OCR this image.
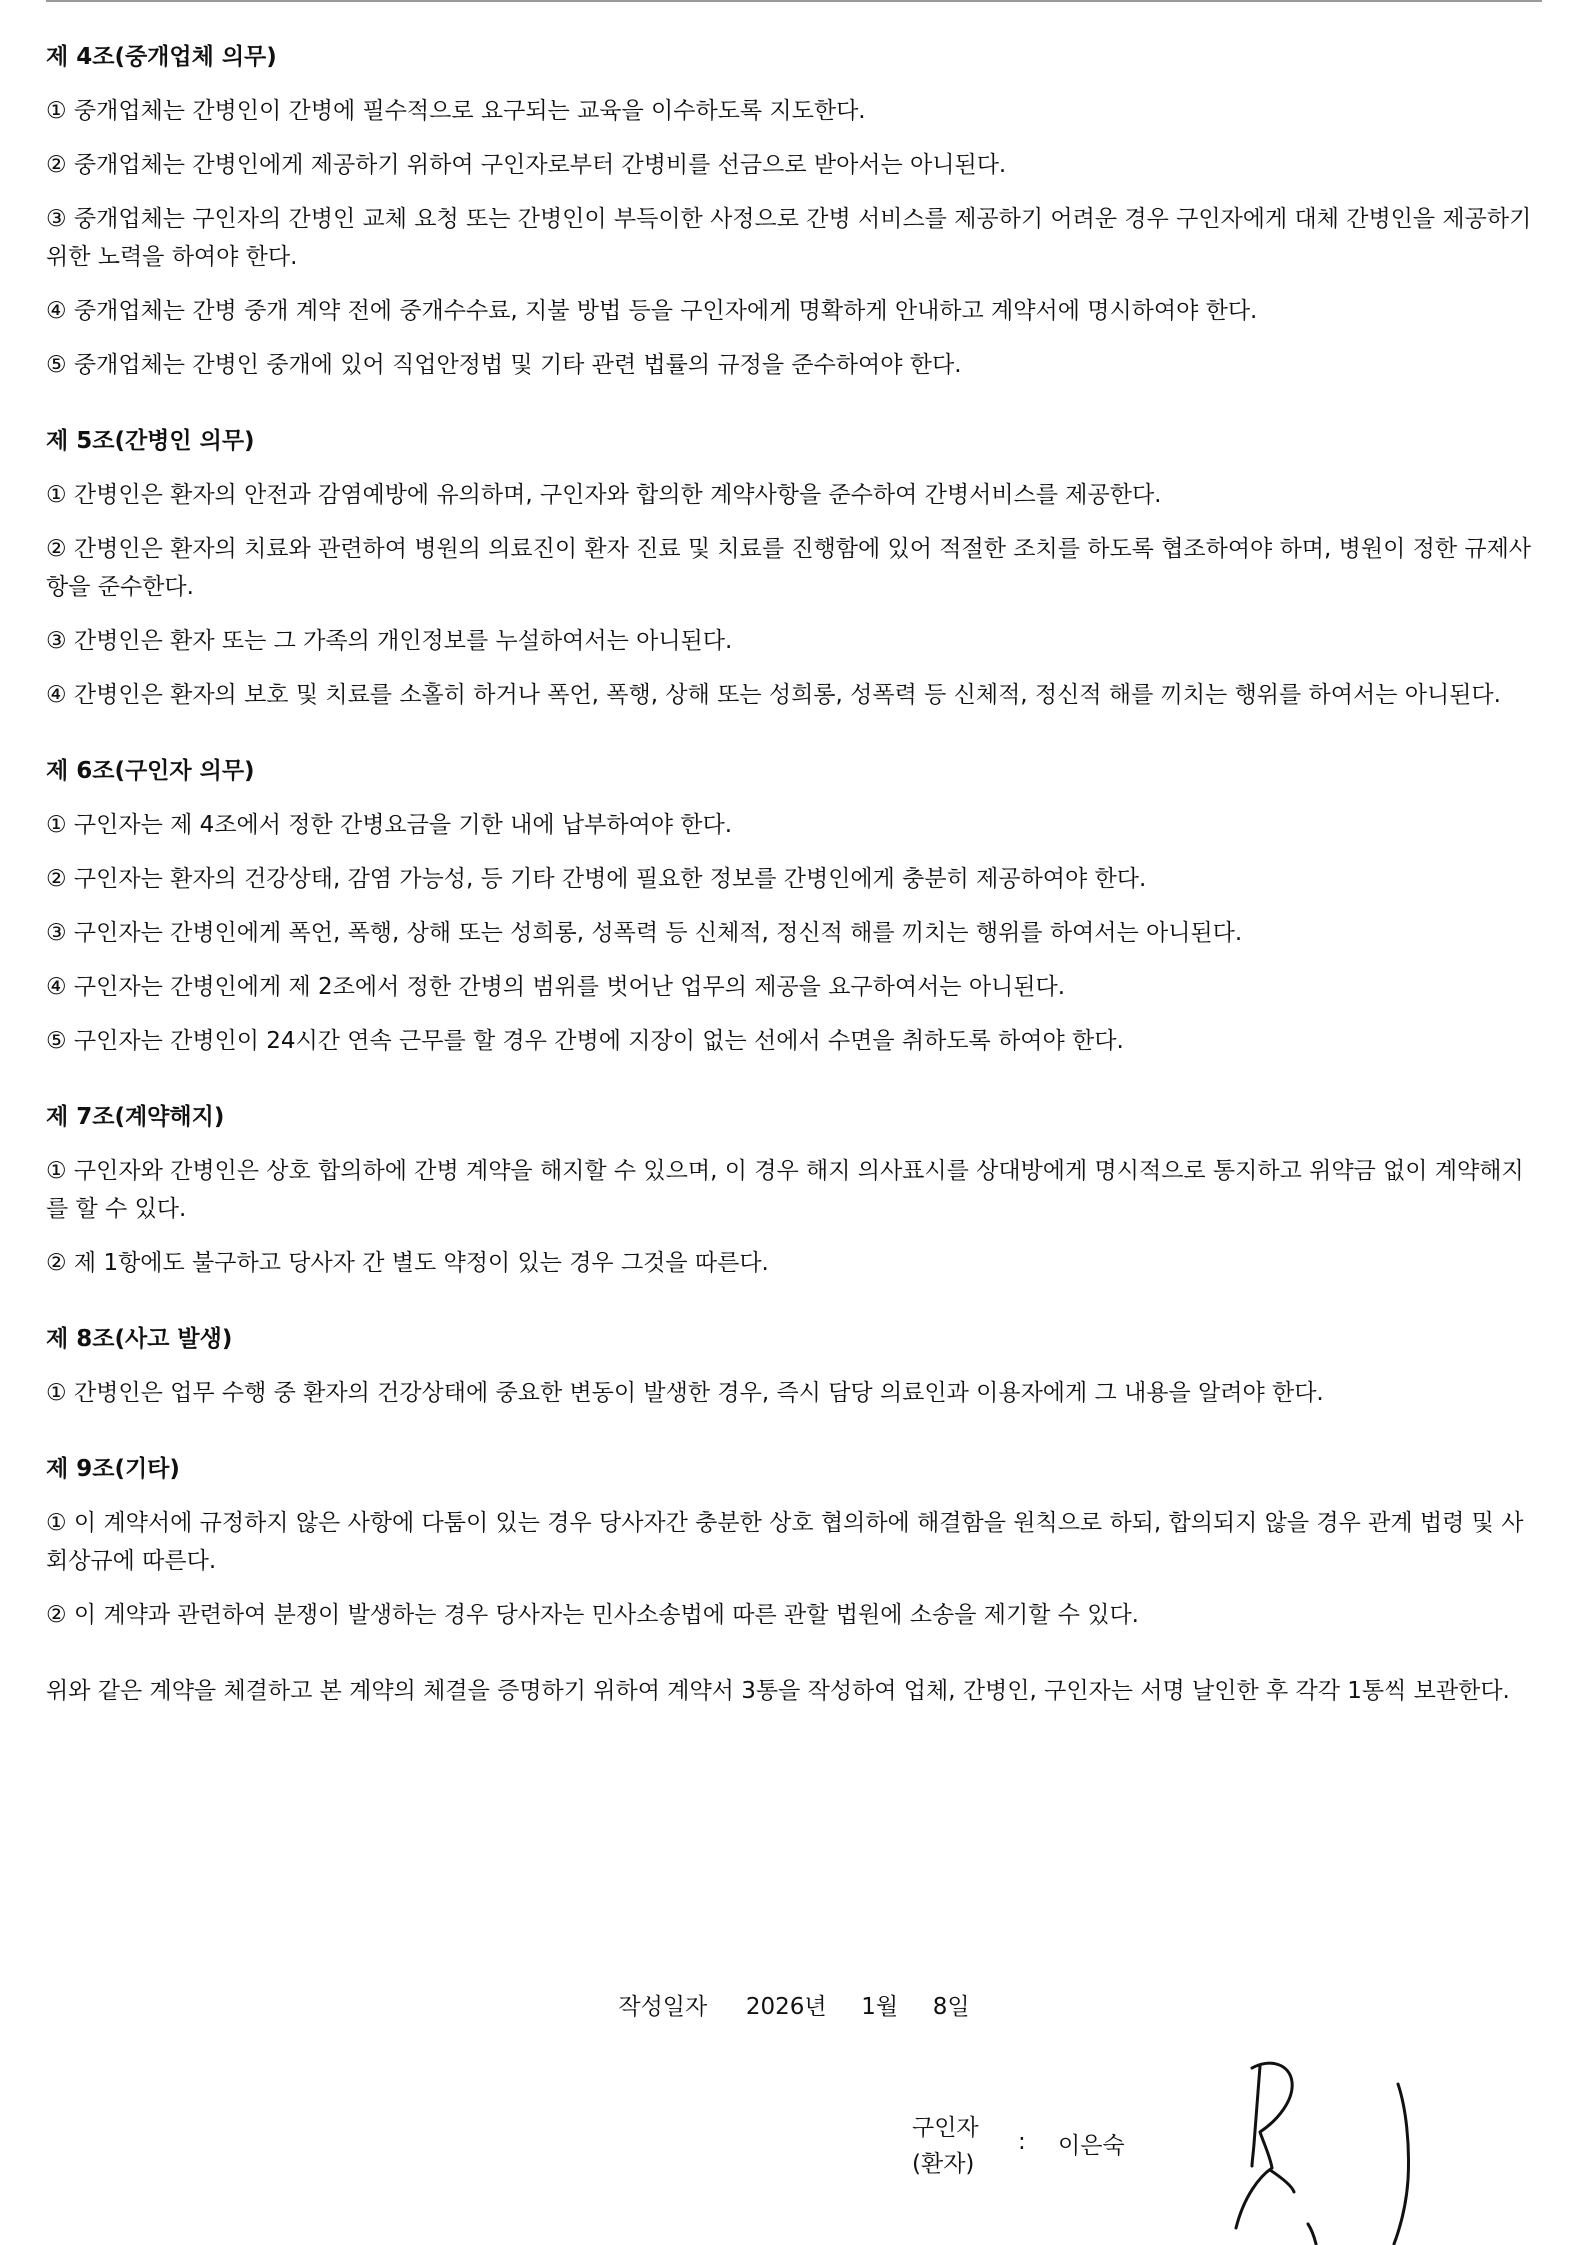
제 4조(중개업체 의무)
① 중개업체는 간병인이 간병에 필수적으로 요구되는 교육을 이수하도록 지도한다.
② 중개업체는 간병인에게 제공하기 위하여 구인자로부터 간병비를 선금으로 받아서는 아니된다.
③ 중개업체는 구인자의 간병인 교체 요청 또는 간병인이 부득이한 사정으로 간병 서비스를 제공하기 어려운 경우 구인자에게 대체 간병인을 제공하기 위한 노력을 하여야 한다.
④ 중개업체는 간병 중개 계약 전에 중개수수료, 지불 방법 등을 구인자에게 명확하게 안내하고 계약서에 명시하여야 한다.
⑤ 중개업체는 간병인 중개에 있어 직업안정법 및 기타 관련 법률의 규정을 준수하여야 한다.
제 5조(간병인 의무)
① 간병인은 환자의 안전과 감염예방에 유의하며, 구인자와 합의한 계약사항을 준수하여 간병서비스를 제공한다.
② 간병인은 환자의 치료와 관련하여 병원의 의료진이 환자 진료 및 치료를 진행함에 있어 적절한 조치를 하도록 협조하여야 하며, 병원이 정한 규제사항을 준수한다.
③ 간병인은 환자 또는 그 가족의 개인정보를 누설하여서는 아니된다.
④ 간병인은 환자의 보호 및 치료를 소홀히 하거나 폭언, 폭행, 상해 또는 성희롱, 성폭력 등 신체적, 정신적 해를 끼치는 행위를 하여서는 아니된다.
제 6조(구인자 의무)
① 구인자는 제 4조에서 정한 간병요금을 기한 내에 납부하여야 한다.
② 구인자는 환자의 건강상태, 감염 가능성, 등 기타 간병에 필요한 정보를 간병인에게 충분히 제공하여야 한다.
③ 구인자는 간병인에게 폭언, 폭행, 상해 또는 성희롱, 성폭력 등 신체적, 정신적 해를 끼치는 행위를 하여서는 아니된다.
④ 구인자는 간병인에게 제 2조에서 정한 간병의 범위를 벗어난 업무의 제공을 요구하여서는 아니된다.
⑤ 구인자는 간병인이 24시간 연속 근무를 할 경우 간병에 지장이 없는 선에서 수면을 취하도록 하여야 한다.
제 7조(계약해지)
① 구인자와 간병인은 상호 합의하에 간병 계약을 해지할 수 있으며, 이 경우 해지 의사표시를 상대방에게 명시적으로 통지하고 위약금 없이 계약해지를 할 수 있다.
② 제 1항에도 불구하고 당사자 간 별도 약정이 있는 경우 그것을 따른다.
제 8조(사고 발생)
① 간병인은 업무 수행 중 환자의 건강상태에 중요한 변동이 발생한 경우, 즉시 담당 의료인과 이용자에게 그 내용을 알려야 한다.
제 9조(기타)
① 이 계약서에 규정하지 않은 사항에 다툼이 있는 경우 당사자간 충분한 상호 협의하에 해결함을 원칙으로 하되, 합의되지 않을 경우 관계 법령 및 사회상규에 따른다.
② 이 계약과 관련하여 분쟁이 발생하는 경우 당사자는 민사소송법에 따른 관할 법원에 소송을 제기할 수 있다.
위와 같은 계약을 체결하고 본 계약의 체결을 증명하기 위하여 계약서 3통을 작성하여 업체, 간병인, 구인자는 서명 날인한 후 각각 1통씩 보관한다.
작성일자 2026년 1월 8일
구인자
(환자)
: 이은숙
